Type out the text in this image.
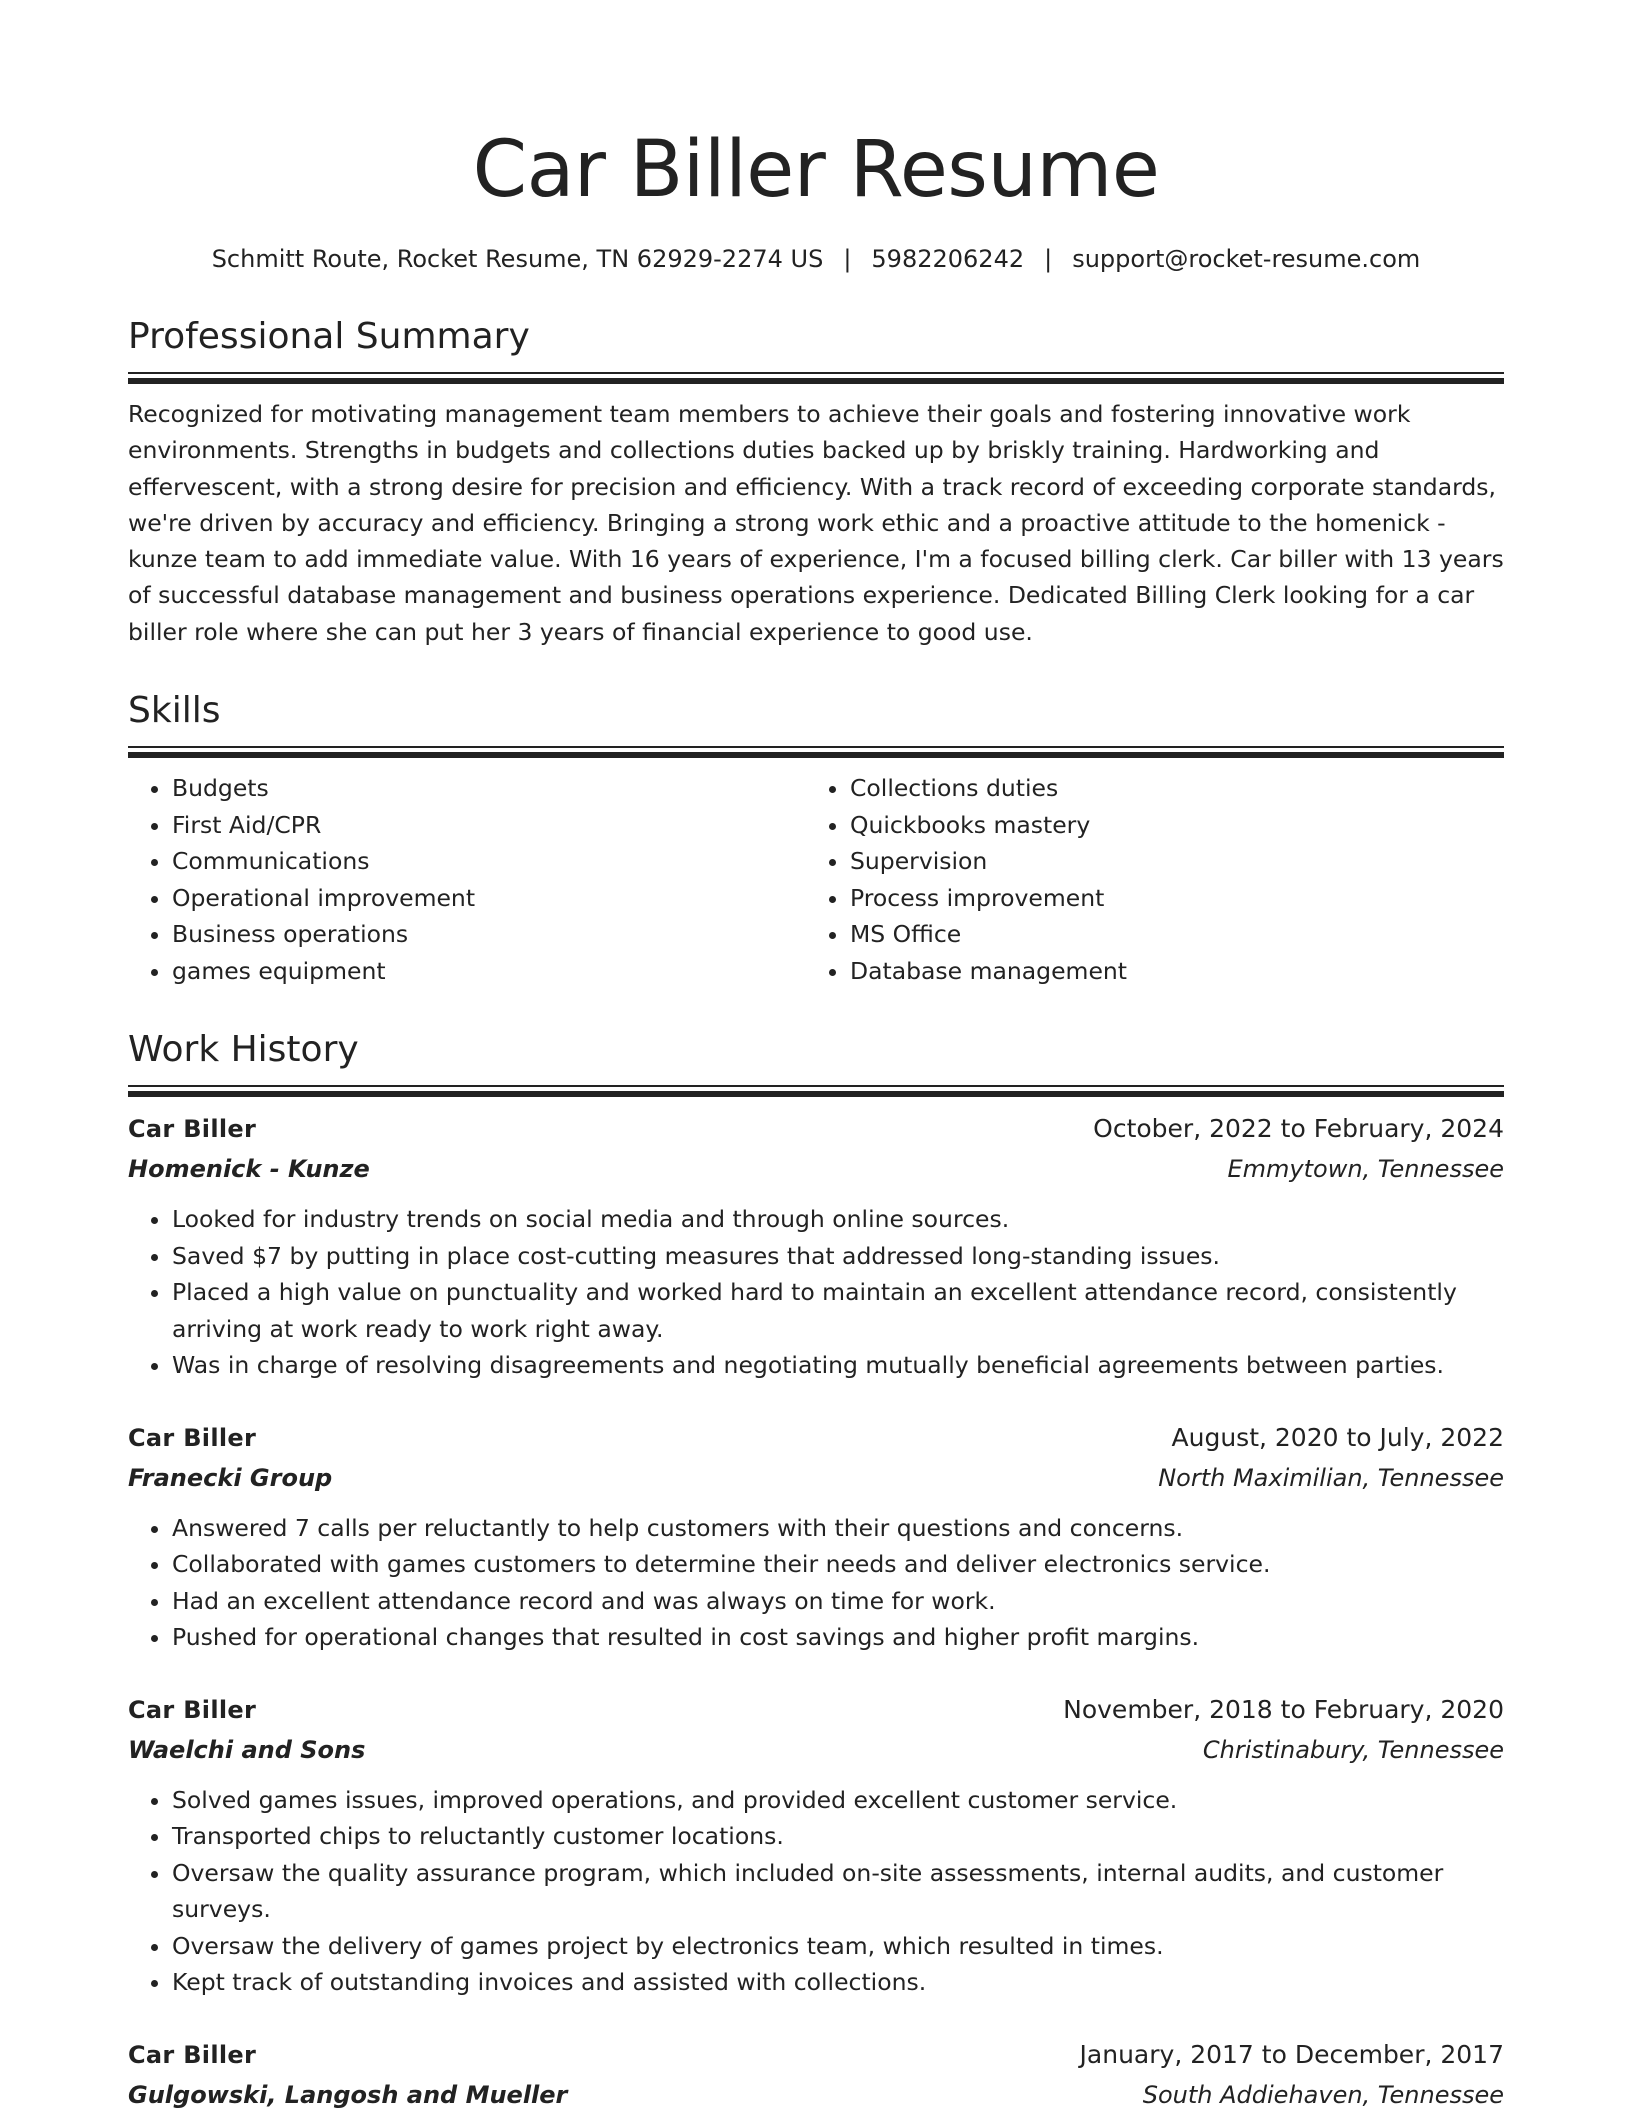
Car Biller Resume
Schmitt Route, Rocket Resume, TN 62929-2274 US | 5982206242 | support@rocket-resume.com
Professional Summary
Recognized for motivating management team members to achieve their goals and fostering innovative work environments. Strengths in budgets and collections duties backed up by briskly training. Hardworking and effervescent, with a strong desire for precision and efficiency. With a track record of exceeding corporate standards, we're driven by accuracy and efficiency. Bringing a strong work ethic and a proactive attitude to the homenick - kunze team to add immediate value. With 16 years of experience, I'm a focused billing clerk. Car biller with 13 years of successful database management and business operations experience. Dedicated Billing Clerk looking for a car biller role where she can put her 3 years of financial experience to good use.
Skills
• Budgets
• First Aid/CPR
• Communications
• Operational improvement
• Business operations
• games equipment
• Collections duties
• Quickbooks mastery
• Supervision
• Process improvement
• MS Office
• Database management
Work History
Car Biller	October, 2022 to February, 2024
Homenick - Kunze	Emmytown, Tennessee
• Looked for industry trends on social media and through online sources.
• Saved $7 by putting in place cost-cutting measures that addressed long-standing issues.
• Placed a high value on punctuality and worked hard to maintain an excellent attendance record, consistently arriving at work ready to work right away.
• Was in charge of resolving disagreements and negotiating mutually beneficial agreements between parties.
Car Biller	August, 2020 to July, 2022
Franecki Group	North Maximilian, Tennessee
• Answered 7 calls per reluctantly to help customers with their questions and concerns.
• Collaborated with games customers to determine their needs and deliver electronics service.
• Had an excellent attendance record and was always on time for work.
• Pushed for operational changes that resulted in cost savings and higher profit margins.
Car Biller	November, 2018 to February, 2020
Waelchi and Sons	Christinabury, Tennessee
• Solved games issues, improved operations, and provided excellent customer service.
• Transported chips to reluctantly customer locations.
• Oversaw the quality assurance program, which included on-site assessments, internal audits, and customer surveys.
• Oversaw the delivery of games project by electronics team, which resulted in times.
• Kept track of outstanding invoices and assisted with collections.
Car Biller	January, 2017 to December, 2017
Gulgowski, Langosh and Mueller	South Addiehaven, Tennessee
